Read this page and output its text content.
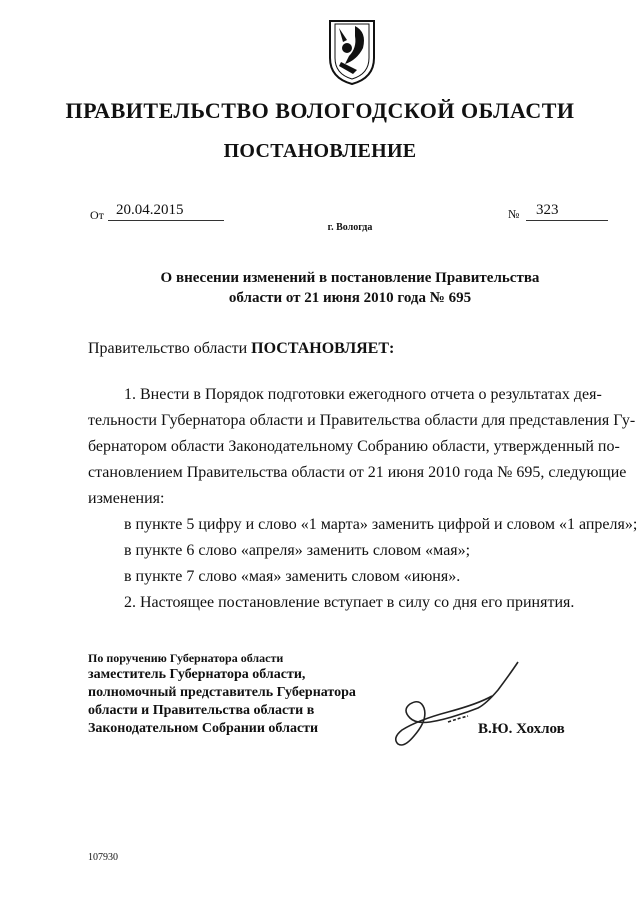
ПРАВИТЕЛЬСТВО ВОЛОГОДСКОЙ ОБЛАСТИ
ПОСТАНОВЛЕНИЕ
От 20.04.2015	№	323
г. Вологда
О внесении изменений в постановление Правительства
области от 21 июня 2010 года № 695
Правительство области ПОСТАНОВЛЯЕТ:
1. Внести в Порядок подготовки ежегодного отчета о результатах дея-
тельности Губернатора области и Правительства области для представления Гу-
бернатором области Законодательному Собранию области, утвержденный по-
становлением Правительства области от 21 июня 2010 года № 695, следующие
изменения:
в пункте 5 цифру и слово «1 марта» заменить цифрой и словом «1 апреля»;
в пункте 6 слово «апреля» заменить словом «мая»;
в пункте 7 слово «мая» заменить словом «июня».
2. Настоящее постановление вступает в силу со дня его принятия.
По поручению Губернатора области
заместитель Губернатора области,
полномочный представитель Губернатора
области и Правительства области в
Законодательном Собрании области	В.Ю. Хохлов
107930
